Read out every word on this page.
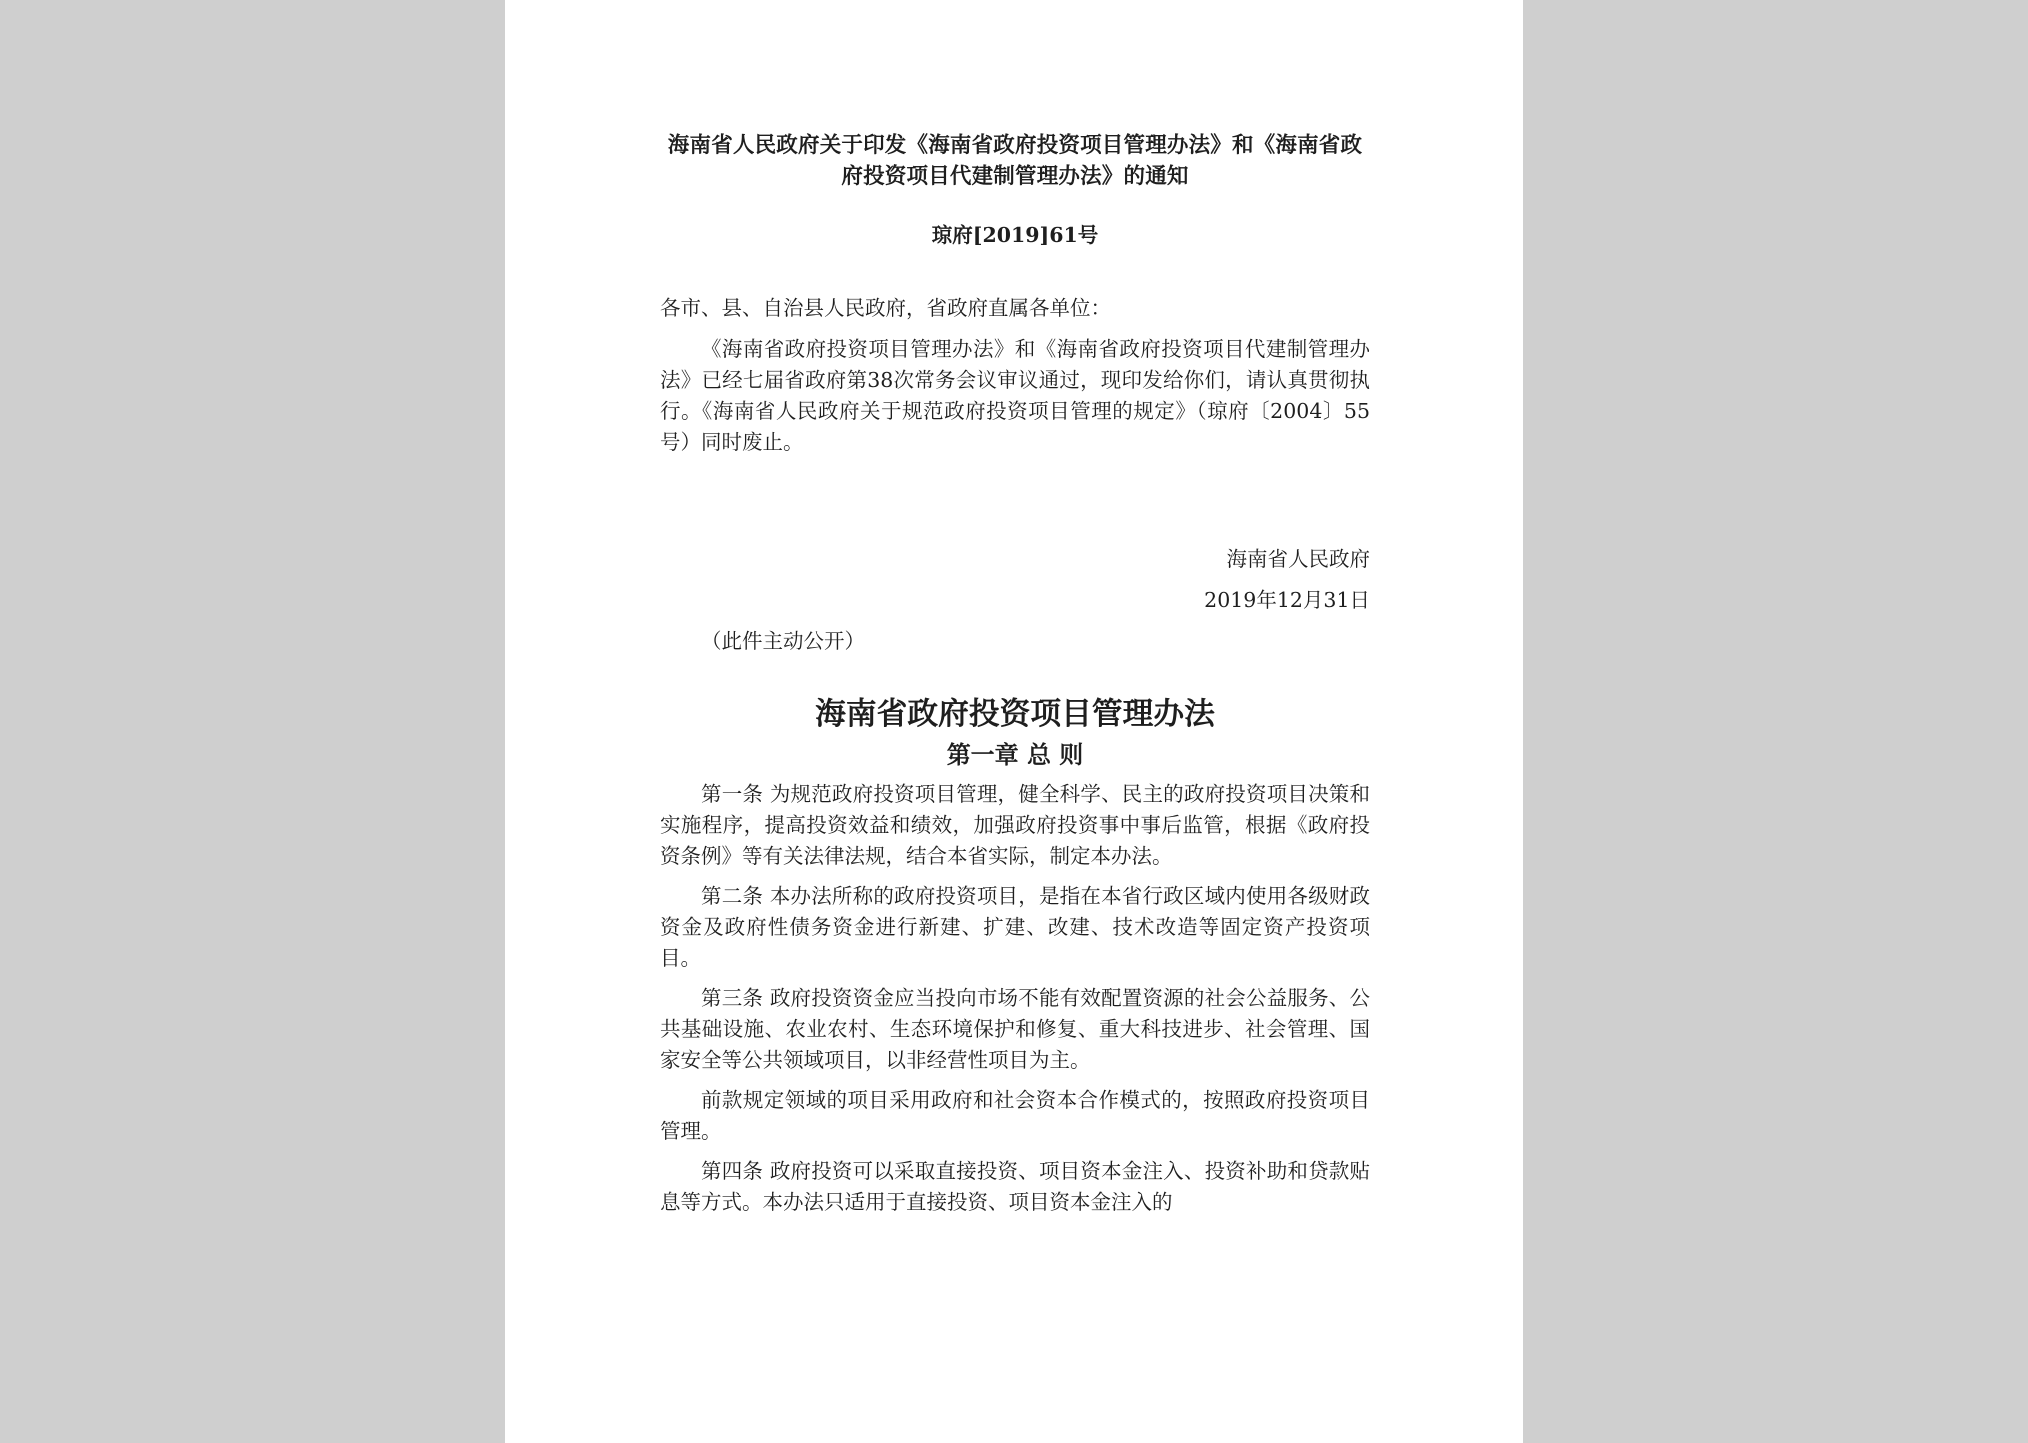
海南省人民政府关于印发《海南省政府投资项目管理办法》和《海南省政府投资项目代建制管理办法》的通知

琼府[2019]61号

各市、县、自治县人民政府，省政府直属各单位：

《海南省政府投资项目管理办法》和《海南省政府投资项目代建制管理办法》已经七届省政府第38次常务会议审议通过，现印发给你们，请认真贯彻执行。《海南省人民政府关于规范政府投资项目管理的规定》（琼府〔2004〕55号）同时废止。

海南省人民政府

2019年12月31日

（此件主动公开）

海南省政府投资项目管理办法
第一章 总 则

第一条 为规范政府投资项目管理，健全科学、民主的政府投资项目决策和实施程序，提高投资效益和绩效，加强政府投资事中事后监管，根据《政府投资条例》等有关法律法规，结合本省实际，制定本办法。

第二条 本办法所称的政府投资项目，是指在本省行政区域内使用各级财政资金及政府性债务资金进行新建、扩建、改建、技术改造等固定资产投资项目。

第三条 政府投资资金应当投向市场不能有效配置资源的社会公益服务、公共基础设施、农业农村、生态环境保护和修复、重大科技进步、社会管理、国家安全等公共领域项目，以非经营性项目为主。

前款规定领域的项目采用政府和社会资本合作模式的，按照政府投资项目管理。

第四条 政府投资可以采取直接投资、项目资本金注入、投资补助和贷款贴息等方式。本办法只适用于直接投资、项目资本金注入的
